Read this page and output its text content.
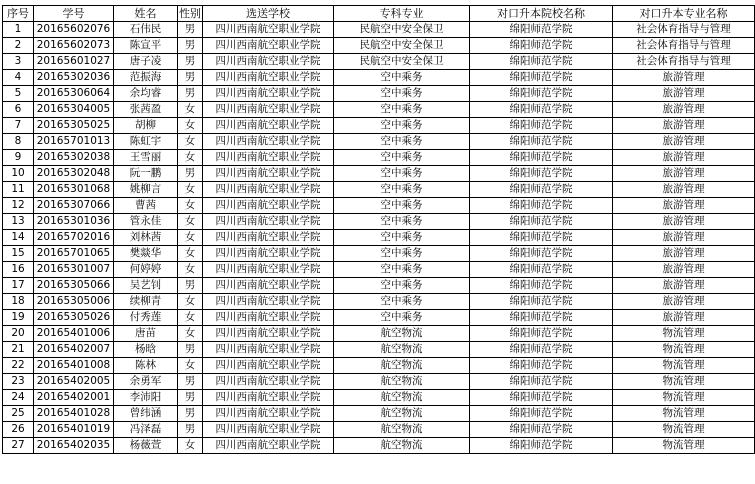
序号	学号	姓名	性别	选送学校	专科专业	对口升本院校名称	对口升本专业名称
1	20165602076	石伟民	男	四川西南航空职业学院	民航空中安全保卫	绵阳师范学院	社会体育指导与管理
2	20165602073	陈宣平	男	四川西南航空职业学院	民航空中安全保卫	绵阳师范学院	社会体育指导与管理
3	20165601027	唐子凌	男	四川西南航空职业学院	民航空中安全保卫	绵阳师范学院	社会体育指导与管理
4	20165302036	范振海	男	四川西南航空职业学院	空中乘务	绵阳师范学院	旅游管理
5	20165306064	余均睿	男	四川西南航空职业学院	空中乘务	绵阳师范学院	旅游管理
6	20165304005	张茜盈	女	四川西南航空职业学院	空中乘务	绵阳师范学院	旅游管理
7	20165305025	胡柳	女	四川西南航空职业学院	空中乘务	绵阳师范学院	旅游管理
8	20165701013	陈虹宇	女	四川西南航空职业学院	空中乘务	绵阳师范学院	旅游管理
9	20165302038	王雪丽	女	四川西南航空职业学院	空中乘务	绵阳师范学院	旅游管理
10	20165302048	阮一鹏	男	四川西南航空职业学院	空中乘务	绵阳师范学院	旅游管理
11	20165301068	姚柳言	女	四川西南航空职业学院	空中乘务	绵阳师范学院	旅游管理
12	20165307066	曹茜	女	四川西南航空职业学院	空中乘务	绵阳师范学院	旅游管理
13	20165301036	管永佳	女	四川西南航空职业学院	空中乘务	绵阳师范学院	旅游管理
14	20165702016	刘林茜	女	四川西南航空职业学院	空中乘务	绵阳师范学院	旅游管理
15	20165701065	樊燚华	女	四川西南航空职业学院	空中乘务	绵阳师范学院	旅游管理
16	20165301007	何婷婷	女	四川西南航空职业学院	空中乘务	绵阳师范学院	旅游管理
17	20165305066	吴艺钊	男	四川西南航空职业学院	空中乘务	绵阳师范学院	旅游管理
18	20165305006	续柳青	女	四川西南航空职业学院	空中乘务	绵阳师范学院	旅游管理
19	20165305026	付秀莲	女	四川西南航空职业学院	空中乘务	绵阳师范学院	旅游管理
20	20165401006	唐苗	女	四川西南航空职业学院	航空物流	绵阳师范学院	物流管理
21	20165402007	杨晗	男	四川西南航空职业学院	航空物流	绵阳师范学院	物流管理
22	20165401008	陈林	女	四川西南航空职业学院	航空物流	绵阳师范学院	物流管理
23	20165402005	余勇军	男	四川西南航空职业学院	航空物流	绵阳师范学院	物流管理
24	20165402001	李沛阳	男	四川西南航空职业学院	航空物流	绵阳师范学院	物流管理
25	20165401028	曾纬涵	男	四川西南航空职业学院	航空物流	绵阳师范学院	物流管理
26	20165401019	冯泽磊	男	四川西南航空职业学院	航空物流	绵阳师范学院	物流管理
27	20165402035	杨薇萱	女	四川西南航空职业学院	航空物流	绵阳师范学院	物流管理
